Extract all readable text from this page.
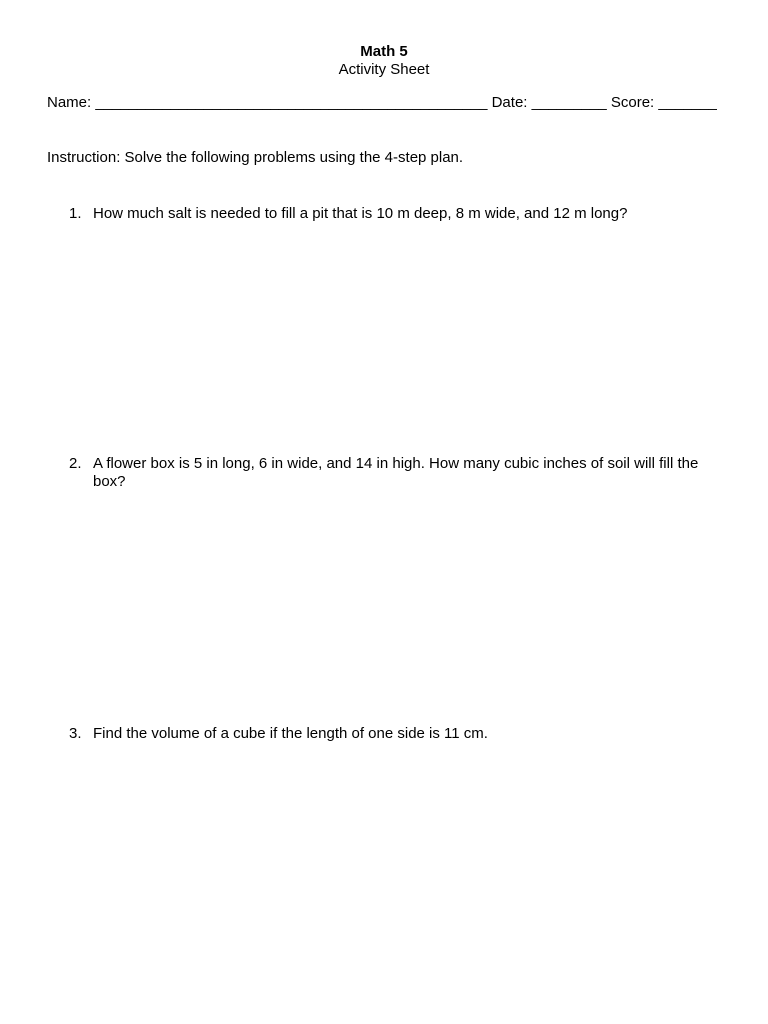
Math 5
Activity Sheet
Name: _______________________________________________ Date: _________ Score: _______
Instruction: Solve the following problems using the 4-step plan.
1. How much salt is needed to fill a pit that is 10 m deep, 8 m wide, and 12 m long?
2. A flower box is 5 in long, 6 in wide, and 14 in high. How many cubic inches of soil will fill the box?
3. Find the volume of a cube if the length of one side is 11 cm.
